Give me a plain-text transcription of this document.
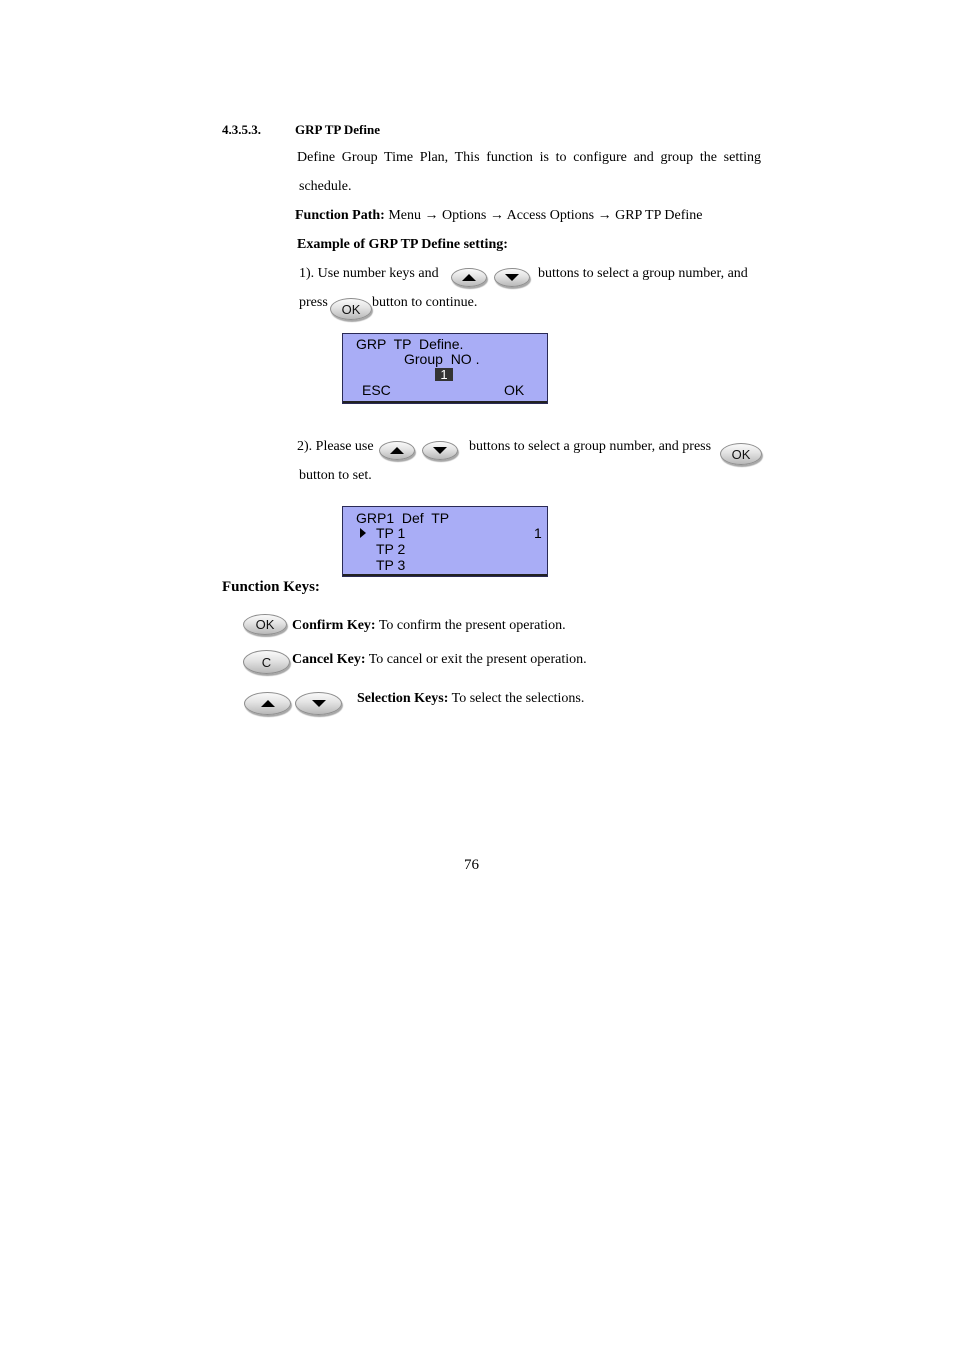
4.3.5.3.	GRP TP Define
Define Group Time Plan, This function is to configure and group the setting
schedule.
Function Path: Menu → Options → Access Options → GRP TP Define
Example of GRP TP Define setting:
1). Use number keys and	buttons to select a group number, and
press OK button to continue.
GRP  TP  Define.
Group  NO .
1
ESC	OK
2). Please use	buttons to select a group number, and press OK
button to set.
GRP1  Def  TP
TP 1	1
TP 2
TP 3
Function Keys:
OK Confirm Key: To confirm the present operation.
C Cancel Key: To cancel or exit the present operation.
Selection Keys: To select the selections.
76
